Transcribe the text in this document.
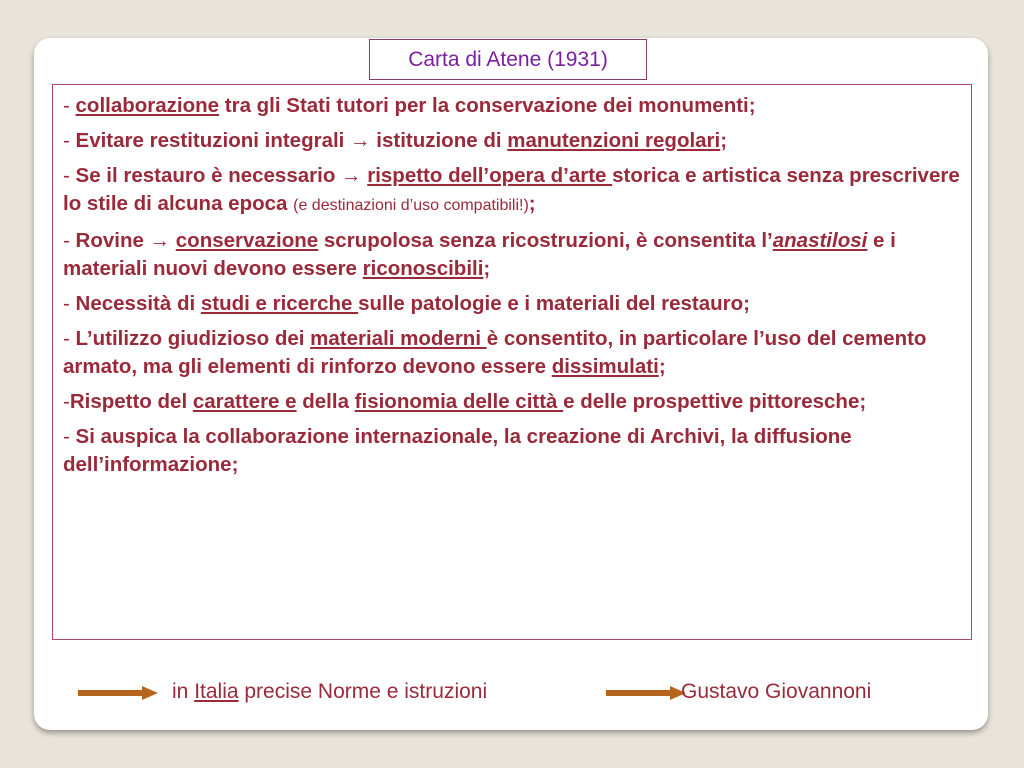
Carta di Atene (1931)

- collaborazione tra gli Stati tutori per la conservazione dei monumenti;

- Evitare restituzioni integrali → istituzione di manutenzioni regolari;

- Se il restauro è necessario → rispetto dell’opera d’arte storica e artistica senza prescrivere lo stile di alcuna epoca (e destinazioni d’uso compatibili!);

- Rovine → conservazione scrupolosa senza ricostruzioni, è consentita l’anastilosi e i materiali nuovi devono essere riconoscibili;

- Necessità di studi e ricerche sulle patologie e i materiali del restauro;

- L’utilizzo giudizioso dei materiali moderni è consentito, in particolare l’uso del cemento armato, ma gli elementi di rinforzo devono essere dissimulati;

-Rispetto del carattere e della fisionomia delle città e delle prospettive pittoresche;

- Si auspica la collaborazione internazionale, la creazione di Archivi, la diffusione dell’informazione;

in Italia precise Norme e istruzioni	Gustavo Giovannoni
